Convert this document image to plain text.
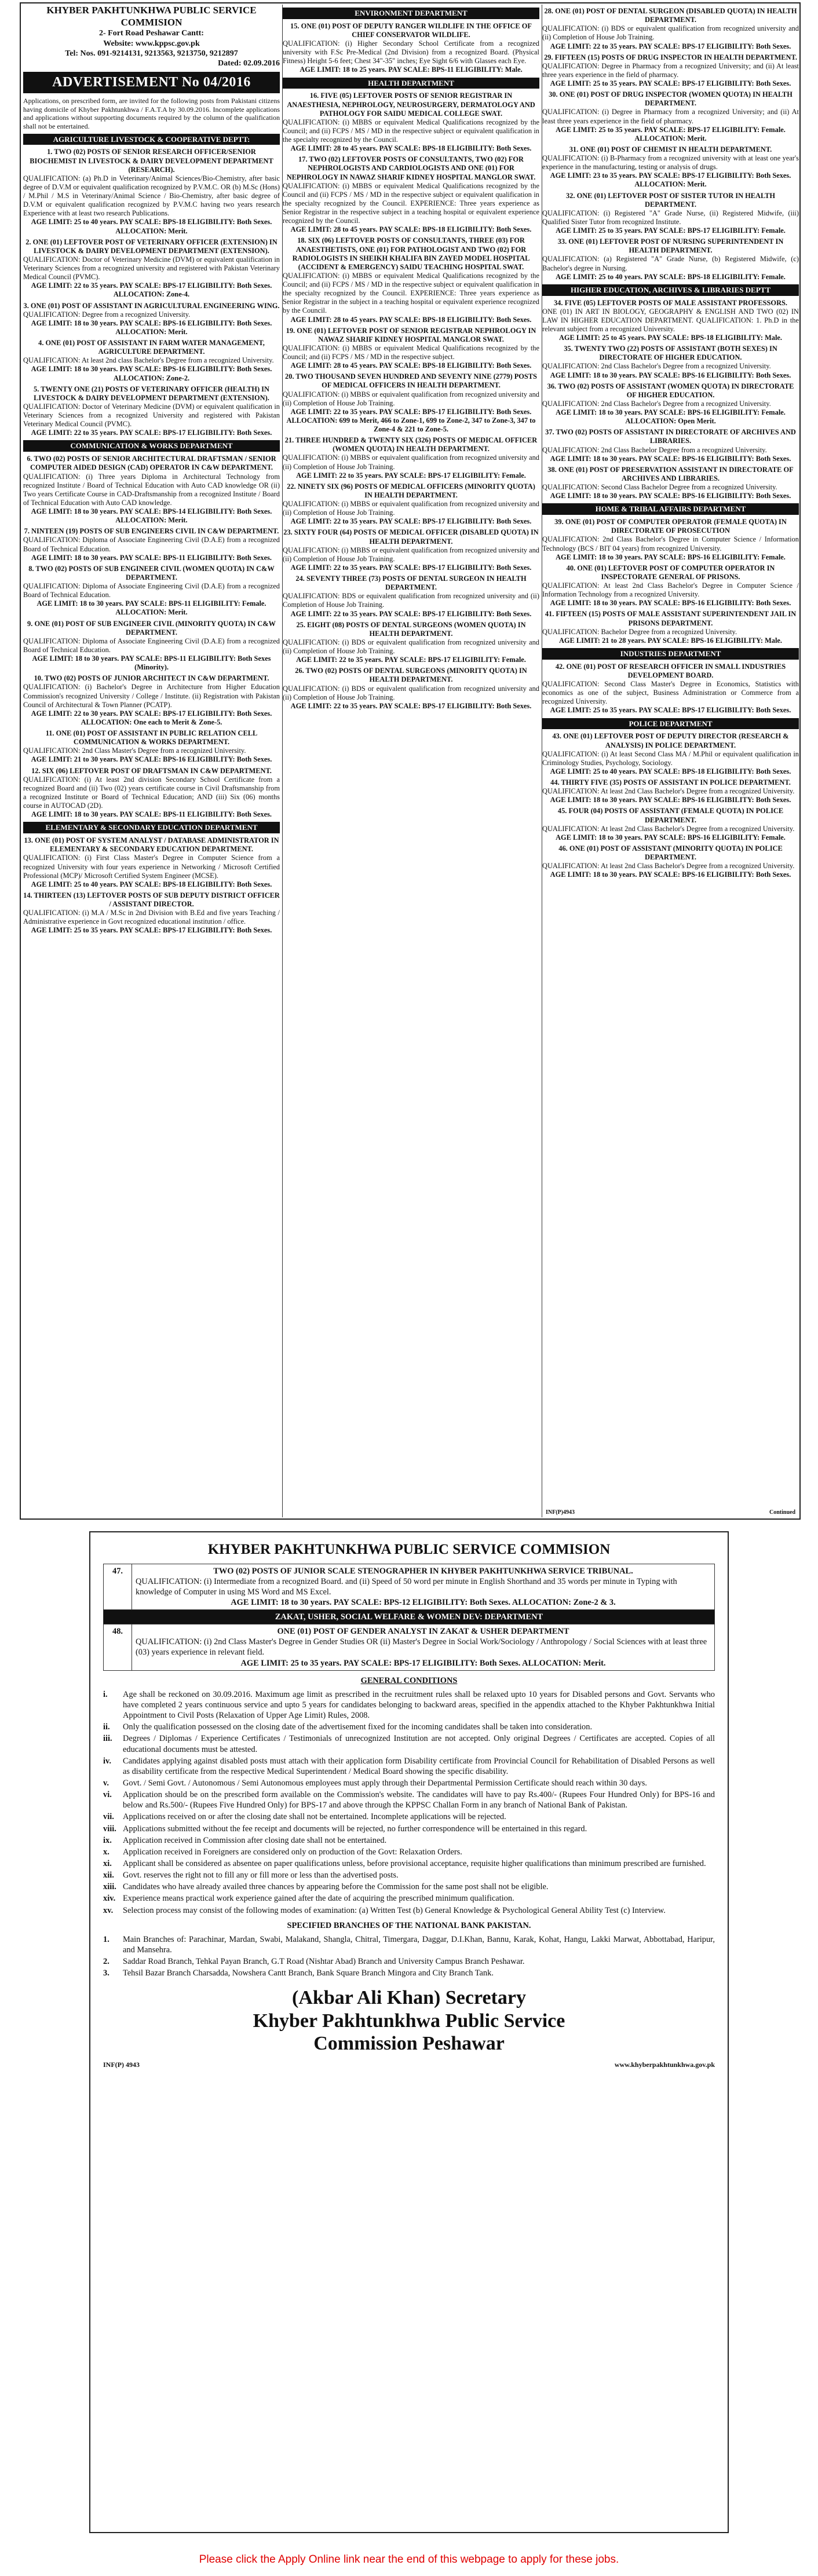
KHYBER PAKHTUNKHWA PUBLIC SERVICE COMMISION
2- Fort Road Peshawar Cantt:
Website: www.kppsc.gov.pk
Tel: Nos. 091-9214131, 9213563, 9213750, 9212897
Dated: 02.09.2016
ADVERTISEMENT No 04/2016
Applications, on prescribed form, are invited for the following posts from Pakistani citizens having domicile of Khyber Pakhtunkhwa / F.A.T.A by 30.09.2016. Incomplete applications and applications without supporting documents required by the column of the qualification shall not be entertained.
AGRICULTURE LIVESTOCK & COOPERATIVE DEPTT:
1. TWO (02) POSTS OF SENIOR RESEARCH OFFICER/SENIOR BIOCHEMIST IN LIVESTOCK & DAIRY DEVELOPMENT DEPARTMENT (RESEARCH).
QUALIFICATION: (a) Ph.D in Veterinary/Animal Sciences/Bio-Chemistry, after basic degree of D.V.M or equivalent qualification recognized by P.V.M.C. OR (b) M.Sc (Hons) / M.Phil / M.S in Veterinary/Animal Science / Bio-Chemistry, after basic degree of D.V.M or equivalent qualification recognized by P.V.M.C having two years research Experience with at least two research Publications.
AGE LIMIT: 25 to 40 years. PAY SCALE: BPS-18 ELIGIBILITY: Both Sexes. ALLOCATION: Merit.
2. ONE (01) LEFTOVER POST OF VETERINARY OFFICER (EXTENSION) IN LIVESTOCK & DAIRY DEVELOPMENT DEPARTMENT (EXTENSION).
QUALIFICATION: Doctor of Veterinary Medicine (DVM) or equivalent qualification in Veterinary Sciences from a recognized university and registered with Pakistan Veterinary Medical Council (PVMC).
AGE LIMIT: 22 to 35 years. PAY SCALE: BPS-17 ELIGIBILITY: Both Sexes. ALLOCATION: Zone-4.
3. ONE (01) POST OF ASSISTANT IN AGRICULTURAL ENGINEERING WING.
QUALIFICATION: Degree from a recognized University.
AGE LIMIT: 18 to 30 years. PAY SCALE: BPS-16 ELIGIBILITY: Both Sexes. ALLOCATION: Merit.
4. ONE (01) POST OF ASSISTANT IN FARM WATER MANAGEMENT, AGRICULTURE DEPARTMENT.
QUALIFICATION: At least 2nd class Bachelor's Degree from a recognized University.
AGE LIMIT: 18 to 30 years. PAY SCALE: BPS-16 ELIGIBILITY: Both Sexes. ALLOCATION: Zone-2.
5. TWENTY ONE (21) POSTS OF VETERINARY OFFICER (HEALTH) IN LIVESTOCK & DAIRY DEVELOPMENT DEPARTMENT (EXTENSION).
QUALIFICATION: Doctor of Veterinary Medicine (DVM) or equivalent qualification in Veterinary Sciences from a recognized University and registered with Pakistan Veterinary Medical Council (PVMC).
AGE LIMIT: 22 to 35 years. PAY SCALE: BPS-17 ELIGIBILITY: Both Sexes.
COMMUNICATION & WORKS DEPARTMENT
6. TWO (02) POSTS OF SENIOR ARCHITECTURAL DRAFTSMAN / SENIOR COMPUTER AIDED DESIGN (CAD) OPERATOR IN C&W DEPARTMENT.
QUALIFICATION: (i) Three years Diploma in Architectural Technology from recognized Institute / Board of Technical Education with Auto CAD knowledge OR (ii) Two years Certificate Course in CAD-Draftsmanship from a recognized Institute / Board of Technical Education with Auto CAD knowledge.
AGE LIMIT: 18 to 30 years. PAY SCALE: BPS-14 ELIGIBILITY: Both Sexes. ALLOCATION: Merit.
7. NINTEEN (19) POSTS OF SUB ENGINEERS CIVIL IN C&W DEPARTMENT.
QUALIFICATION: Diploma of Associate Engineering Civil (D.A.E) from a recognized Board of Technical Education.
AGE LIMIT: 18 to 30 years. PAY SCALE: BPS-11 ELIGIBILITY: Both Sexes.
8. TWO (02) POSTS OF SUB ENGINEER CIVIL (WOMEN QUOTA) IN C&W DEPARTMENT.
QUALIFICATION: Diploma of Associate Engineering Civil (D.A.E) from a recognized Board of Technical Education.
AGE LIMIT: 18 to 30 years. PAY SCALE: BPS-11 ELIGIBILITY: Female. ALLOCATION: Merit.
9. ONE (01) POST OF SUB ENGINEER CIVIL (MINORITY QUOTA) IN C&W DEPARTMENT.
QUALIFICATION: Diploma of Associate Engineering Civil (D.A.E) from a recognized Board of Technical Education.
AGE LIMIT: 18 to 30 years. PAY SCALE: BPS-11 ELIGIBILITY: Both Sexes (Minority).
10. TWO (02) POSTS OF JUNIOR ARCHITECT IN C&W DEPARTMENT.
QUALIFICATION: (i) Bachelor's Degree in Architecture from Higher Education Commission's recognized University / College / Institute. (ii) Registration with Pakistan Council of Architectural & Town Planner (PCATP).
AGE LIMIT: 22 to 30 years. PAY SCALE: BPS-17 ELIGIBILITY: Both Sexes. ALLOCATION: One each to Merit & Zone-5.
11. ONE (01) POST OF ASSISTANT IN PUBLIC RELATION CELL COMMUNICATION & WORKS DEPARTMENT.
QUALIFICATION: 2nd Class Master's Degree from a recognized University.
AGE LIMIT: 21 to 30 years. PAY SCALE: BPS-16 ELIGIBILITY: Both Sexes.
12. SIX (06) LEFTOVER POST OF DRAFTSMAN IN C&W DEPARTMENT.
QUALIFICATION: (i) At least 2nd division Secondary School Certificate from a recognized Board and (ii) Two (02) years certificate course in Civil Draftsmanship from a recognized Institute or Board of Technical Education; AND (iii) Six (06) months course in AUTOCAD (2D).
AGE LIMIT: 18 to 30 years. PAY SCALE: BPS-11 ELIGIBILITY: Both Sexes.
ELEMENTARY & SECONDARY EDUCATION DEPARTMENT
13. ONE (01) POST OF SYSTEM ANALYST / DATABASE ADMINISTRATOR IN ELEMENTARY & SECONDARY EDUCATION DEPARTMENT.
QUALIFICATION: (i) First Class Master's Degree in Computer Science from a recognized University with four years experience in Networking / Microsoft Certified Professional (MCP)/ Microsoft Certified System Engineer (MCSE).
AGE LIMIT: 25 to 40 years. PAY SCALE: BPS-18 ELIGIBILITY: Both Sexes.
14. THIRTEEN (13) LEFTOVER POSTS OF SUB DEPUTY DISTRICT OFFICER / ASSISTANT DIRECTOR.
QUALIFICATION: (i) M.A / M.Sc in 2nd Division with B.Ed and five years Teaching / Administrative experience in Govt recognized educational institution / office.
AGE LIMIT: 25 to 35 years. PAY SCALE: BPS-17 ELIGIBILITY: Both Sexes.
ENVIRONMENT DEPARTMENT
15. ONE (01) POST OF DEPUTY RANGER WILDLIFE IN THE OFFICE OF CHIEF CONSERVATOR WILDLIFE.
QUALIFICATION: (i) Higher Secondary School Certificate from a recognized university with F.Sc Pre-Medical (2nd Division) from a recognized Board. (Physical Fitness) Height 5-6 feet; Chest 34"-35" inches; Eye Sight 6/6 with Glasses each Eye.
AGE LIMIT: 18 to 25 years. PAY SCALE: BPS-11 ELIGIBILITY: Male.
HEALTH DEPARTMENT
16. FIVE (05) LEFTOVER POSTS OF SENIOR REGISTRAR IN ANAESTHESIA, NEPHROLOGY, NEUROSURGERY, DERMATOLOGY AND PATHOLOGY FOR SAIDU MEDICAL COLLEGE SWAT.
QUALIFICATION: (i) MBBS or equivalent Medical Qualifications recognized by the Council; and (ii) FCPS / MS / MD in the respective subject or equivalent qualification in the specialty recognized by the Council.
AGE LIMIT: 28 to 45 years. PAY SCALE: BPS-18 ELIGIBILITY: Both Sexes.
17. TWO (02) LEFTOVER POSTS OF CONSULTANTS, TWO (02) FOR NEPHROLOGISTS AND CARDIOLOGISTS AND ONE (01) FOR NEPHROLOGY IN NAWAZ SHARIF KIDNEY HOSPITAL MANGLOR SWAT.
QUALIFICATION: (i) MBBS or equivalent Medical Qualifications recognized by the Council and (ii) FCPS / MS / MD in the respective subject or equivalent qualification in the specialty recognized by the Council. EXPERIENCE: Three years experience as Senior Registrar in the respective subject in a teaching hospital or equivalent experience recognized by the Council.
AGE LIMIT: 28 to 45 years. PAY SCALE: BPS-18 ELIGIBILITY: Both Sexes.
18. SIX (06) LEFTOVER POSTS OF CONSULTANTS, THREE (03) FOR ANAESTHETISTS, ONE (01) FOR PATHOLOGIST AND TWO (02) FOR RADIOLOGISTS IN SHEIKH KHALIFA BIN ZAYED MODEL HOSPITAL (ACCIDENT & EMERGENCY) SAIDU TEACHING HOSPITAL SWAT.
QUALIFICATION: (i) MBBS or equivalent Medical Qualifications recognized by the Council; and (ii) FCPS / MS / MD in the respective subject or equivalent qualification in the specialty recognized by the Council. EXPERIENCE: Three years experience as Senior Registrar in the subject in a teaching hospital or equivalent experience recognized by the Council.
AGE LIMIT: 28 to 45 years. PAY SCALE: BPS-18 ELIGIBILITY: Both Sexes.
19. ONE (01) LEFTOVER POST OF SENIOR REGISTRAR NEPHROLOGY IN NAWAZ SHARIF KIDNEY HOSPITAL MANGLOR SWAT.
QUALIFICATION: (i) MBBS or equivalent Medical Qualifications recognized by the Council; and (ii) FCPS / MS / MD in the respective subject.
AGE LIMIT: 28 to 45 years. PAY SCALE: BPS-18 ELIGIBILITY: Both Sexes.
20. TWO THOUSAND SEVEN HUNDRED AND SEVENTY NINE (2779) POSTS OF MEDICAL OFFICERS IN HEALTH DEPARTMENT.
QUALIFICATION: (i) MBBS or equivalent qualification from recognized university and (ii) Completion of House Job Training.
AGE LIMIT: 22 to 35 years. PAY SCALE: BPS-17 ELIGIBILITY: Both Sexes. ALLOCATION: 699 to Merit, 466 to Zone-1, 699 to Zone-2, 347 to Zone-3, 347 to Zone-4 & 221 to Zone-5.
21. THREE HUNDRED & TWENTY SIX (326) POSTS OF MEDICAL OFFICER (WOMEN QUOTA) IN HEALTH DEPARTMENT.
QUALIFICATION: (i) MBBS or equivalent qualification from recognized university and (ii) Completion of House Job Training.
AGE LIMIT: 22 to 35 years. PAY SCALE: BPS-17 ELIGIBILITY: Female.
22. NINETY SIX (96) POSTS OF MEDICAL OFFICERS (MINORITY QUOTA) IN HEALTH DEPARTMENT.
QUALIFICATION: (i) MBBS or equivalent qualification from recognized university and (ii) Completion of House Job Training.
AGE LIMIT: 22 to 35 years. PAY SCALE: BPS-17 ELIGIBILITY: Both Sexes.
23. SIXTY FOUR (64) POSTS OF MEDICAL OFFICER (DISABLED QUOTA) IN HEALTH DEPARTMENT.
QUALIFICATION: (i) MBBS or equivalent qualification from recognized university and (ii) Completion of House Job Training.
AGE LIMIT: 22 to 35 years. PAY SCALE: BPS-17 ELIGIBILITY: Both Sexes.
24. SEVENTY THREE (73) POSTS OF DENTAL SURGEON IN HEALTH DEPARTMENT.
QUALIFICATION: BDS or equivalent qualification from recognized university and (ii) Completion of House Job Training.
AGE LIMIT: 22 to 35 years. PAY SCALE: BPS-17 ELIGIBILITY: Both Sexes.
25. EIGHT (08) POSTS OF DENTAL SURGEONS (WOMEN QUOTA) IN HEALTH DEPARTMENT.
QUALIFICATION: (i) BDS or equivalent qualification from recognized university and (ii) Completion of House Job Training.
AGE LIMIT: 22 to 35 years. PAY SCALE: BPS-17 ELIGIBILITY: Female.
26. TWO (02) POSTS OF DENTAL SURGEONS (MINORITY QUOTA) IN HEALTH DEPARTMENT.
QUALIFICATION: (i) BDS or equivalent qualification from recognized university and (ii) Completion of House Job Training.
AGE LIMIT: 22 to 35 years. PAY SCALE: BPS-17 ELIGIBILITY: Both Sexes.
28. ONE (01) POST OF DENTAL SURGEON (DISABLED QUOTA) IN HEALTH DEPARTMENT.
QUALIFICATION: (i) BDS or equivalent qualification from recognized university and (ii) Completion of House Job Training.
AGE LIMIT: 22 to 35 years. PAY SCALE: BPS-17 ELIGIBILITY: Both Sexes.
29. FIFTEEN (15) POSTS OF DRUG INSPECTOR IN HEALTH DEPARTMENT.
QUALIFICATION: Degree in Pharmacy from a recognized University; and (ii) At least three years experience in the field of pharmacy.
AGE LIMIT: 25 to 35 years. PAY SCALE: BPS-17 ELIGIBILITY: Both Sexes.
30. ONE (01) POST OF DRUG INSPECTOR (WOMEN QUOTA) IN HEALTH DEPARTMENT.
QUALIFICATION: (i) Degree in Pharmacy from a recognized University; and (ii) At least three years experience in the field of pharmacy.
AGE LIMIT: 25 to 35 years. PAY SCALE: BPS-17 ELIGIBILITY: Female. ALLOCATION: Merit.
31. ONE (01) POST OF CHEMIST IN HEALTH DEPARTMENT.
QUALIFICATION: (i) B-Pharmacy from a recognized university with at least one year's experience in the manufacturing, testing or analysis of drugs.
AGE LIMIT: 23 to 35 years. PAY SCALE: BPS-17 ELIGIBILITY: Both Sexes. ALLOCATION: Merit.
32. ONE (01) LEFTOVER POST OF SISTER TUTOR IN HEALTH DEPARTMENT.
QUALIFICATION: (i) Registered "A" Grade Nurse, (ii) Registered Midwife, (iii) Qualified Sister Tutor from recognized Institute.
AGE LIMIT: 25 to 35 years. PAY SCALE: BPS-17 ELIGIBILITY: Female.
33. ONE (01) LEFTOVER POST OF NURSING SUPERINTENDENT IN HEALTH DEPARTMENT.
QUALIFICATION: (a) Registered "A" Grade Nurse, (b) Registered Midwife, (c) Bachelor's degree in Nursing.
AGE LIMIT: 25 to 40 years. PAY SCALE: BPS-18 ELIGIBILITY: Female.
HIGHER EDUCATION, ARCHIVES & LIBRARIES DEPTT
34. FIVE (05) LEFTOVER POSTS OF MALE ASSISTANT PROFESSORS.
ONE (01) IN ART IN BIOLOGY, GEOGRAPHY & ENGLISH AND TWO (02) IN LAW IN HIGHER EDUCATION DEPARTMENT. QUALIFICATION: 1. Ph.D in the relevant subject from a recognized University.
AGE LIMIT: 25 to 45 years. PAY SCALE: BPS-18 ELIGIBILITY: Male.
35. TWENTY TWO (22) POSTS OF ASSISTANT (BOTH SEXES) IN DIRECTORATE OF HIGHER EDUCATION.
QUALIFICATION: 2nd Class Bachelor's Degree from a recognized University.
AGE LIMIT: 18 to 30 years. PAY SCALE: BPS-16 ELIGIBILITY: Both Sexes.
36. TWO (02) POSTS OF ASSISTANT (WOMEN QUOTA) IN DIRECTORATE OF HIGHER EDUCATION.
QUALIFICATION: 2nd Class Bachelor's Degree from a recognized University.
AGE LIMIT: 18 to 30 years. PAY SCALE: BPS-16 ELIGIBILITY: Female. ALLOCATION: Open Merit.
37. TWO (02) POSTS OF ASSISTANT IN DIRECTORATE OF ARCHIVES AND LIBRARIES.
QUALIFICATION: 2nd Class Bachelor Degree from a recognized University.
AGE LIMIT: 18 to 30 years. PAY SCALE: BPS-16 ELIGIBILITY: Both Sexes.
38. ONE (01) POST OF PRESERVATION ASSISTANT IN DIRECTORATE OF ARCHIVES AND LIBRARIES.
QUALIFICATION: Second Class Bachelor Degree from a recognized University.
AGE LIMIT: 18 to 30 years. PAY SCALE: BPS-16 ELIGIBILITY: Both Sexes.
HOME & TRIBAL AFFAIRS DEPARTMENT
39. ONE (01) POST OF COMPUTER OPERATOR (FEMALE QUOTA) IN DIRECTORATE OF PROSECUTION
QUALIFICATION: 2nd Class Bachelor's Degree in Computer Science / Information Technology (BCS / BIT 04 years) from recognized University.
AGE LIMIT: 18 to 30 years. PAY SCALE: BPS-16 ELIGIBILITY: Female.
40. ONE (01) LEFTOVER POST OF COMPUTER OPERATOR IN INSPECTORATE GENERAL OF PRISONS.
QUALIFICATION: At least 2nd Class Bachelor's Degree in Computer Science / Information Technology from a recognized University.
AGE LIMIT: 18 to 30 years. PAY SCALE: BPS-16 ELIGIBILITY: Both Sexes.
41. FIFTEEN (15) POSTS OF MALE ASSISTANT SUPERINTENDENT JAIL IN PRISONS DEPARTMENT.
QUALIFICATION: Bachelor Degree from a recognized University.
AGE LIMIT: 21 to 28 years. PAY SCALE: BPS-16 ELIGIBILITY: Male.
INDUSTRIES DEPARTMENT
42. ONE (01) POST OF RESEARCH OFFICER IN SMALL INDUSTRIES DEVELOPMENT BOARD.
QUALIFICATION: Second Class Master's Degree in Economics, Statistics with economics as one of the subject, Business Administration or Commerce from a recognized University.
AGE LIMIT: 25 to 35 years. PAY SCALE: BPS-17 ELIGIBILITY: Both Sexes.
POLICE DEPARTMENT
43. ONE (01) LEFTOVER POST OF DEPUTY DIRECTOR (RESEARCH & ANALYSIS) IN POLICE DEPARTMENT.
QUALIFICATION: (i) At least Second Class MA / M.Phil or equivalent qualification in Criminology Studies, Psychology, Sociology.
AGE LIMIT: 25 to 40 years. PAY SCALE: BPS-18 ELIGIBILITY: Both Sexes.
44. THIRTY FIVE (35) POSTS OF ASSISTANT IN POLICE DEPARTMENT.
QUALIFICATION: At least 2nd Class Bachelor's Degree from a recognized University.
AGE LIMIT: 18 to 30 years. PAY SCALE: BPS-16 ELIGIBILITY: Both Sexes.
45. FOUR (04) POSTS OF ASSISTANT (FEMALE QUOTA) IN POLICE DEPARTMENT.
QUALIFICATION: At least 2nd Class Bachelor's Degree from a recognized University.
AGE LIMIT: 18 to 30 years. PAY SCALE: BPS-16 ELIGIBILITY: Female.
46. ONE (01) POST OF ASSISTANT (MINORITY QUOTA) IN POLICE DEPARTMENT.
QUALIFICATION: At least 2nd Class Bachelor's Degree from a recognized University.
AGE LIMIT: 18 to 30 years. PAY SCALE: BPS-16 ELIGIBILITY: Both Sexes.
INF(P)4943	Continued
KHYBER PAKHTUNKHWA PUBLIC SERVICE COMMISION
47.	TWO (02) POSTS OF JUNIOR SCALE STENOGRAPHER IN KHYBER PAKHTUNKHWA SERVICE TRIBUNAL.
QUALIFICATION: (i) Intermediate from a recognized Board. and (ii) Speed of 50 word per minute in English Shorthand and 35 words per minute in Typing with knowledge of Computer in using MS Word and MS Excel.
AGE LIMIT: 18 to 30 years. PAY SCALE: BPS-12 ELIGIBILITY: Both Sexes. ALLOCATION: Zone-2 & 3.

ZAKAT, USHER, SOCIAL WELFARE & WOMEN DEV: DEPARTMENT	
48.	ONE (01) POST OF GENDER ANALYST IN ZAKAT & USHER DEPARTMENT
QUALIFICATION: (i) 2nd Class Master's Degree in Gender Studies OR (ii) Master's Degree in Social Work/Sociology / Anthropology / Social Sciences with at least three (03) years experience in relevant field.
AGE LIMIT: 25 to 35 years. PAY SCALE: BPS-17 ELIGIBILITY: Both Sexes. ALLOCATION: Merit.
GENERAL CONDITIONS
i.	Age shall be reckoned on 30.09.2016. Maximum age limit as prescribed in the recruitment rules shall be relaxed upto 10 years for Disabled persons and Govt. Servants who have completed 2 years continuous service and upto 5 years for candidates belonging to backward areas, specified in the appendix attached to the Khyber Pakhtunkhwa Initial Appointment to Civil Posts (Relaxation of Upper Age Limit) Rules, 2008.
ii.	Only the qualification possessed on the closing date of the advertisement fixed for the incoming candidates shall be taken into consideration.
iii.	Degrees / Diplomas / Experience Certificates / Testimonials of unrecognized Institution are not accepted. Only original Degrees / Certificates are accepted. Copies of all educational documents must be attested.
iv.	Candidates applying against disabled posts must attach with their application form Disability certificate from Provincial Council for Rehabilitation of Disabled Persons as well as disability certificate from the respective Medical Superintendent / Medical Board showing the specific disability.
v.	Govt. / Semi Govt. / Autonomous / Semi Autonomous employees must apply through their Departmental Permission Certificate should reach within 30 days.
vi.	Application should be on the prescribed form available on the Commission's website. The candidates will have to pay Rs.400/- (Rupees Four Hundred Only) for BPS-16 and below and Rs.500/- (Rupees Five Hundred Only) for BPS-17 and above through the KPPSC Challan Form in any branch of National Bank of Pakistan.
vii.	Applications received on or after the closing date shall not be entertained. Incomplete applications will be rejected.
viii. Applications submitted without the fee receipt and documents will be rejected, no further correspondence will be entertained in this regard.
ix.	Application received in Commission after closing date shall not be entertained.
x.	Application received in Foreigners are considered only on production of the Govt: Relaxation Orders.
xi.	Applicant shall be considered as absentee on paper qualifications unless, before provisional acceptance, requisite higher qualifications than minimum prescribed are furnished.
xii.	Govt. reserves the right not to fill any or fill more or less than the advertised posts.
xiii. Candidates who have already availed three chances by appearing before the Commission for the same post shall not be eligible.
xiv. Experience means practical work experience gained after the date of acquiring the prescribed minimum qualification.
xv.	Selection process may consist of the following modes of examination: (a) Written Test (b) General Knowledge & Psychological General Ability Test (c) Interview.
SPECIFIED BRANCHES OF THE NATIONAL BANK PAKISTAN.
1.	Main Branches of: Parachinar, Mardan, Swabi, Malakand, Shangla, Chitral, Timergara, Daggar, D.I.Khan, Bannu, Karak, Kohat, Hangu, Lakki Marwat, Abbottabad, Haripur, and Mansehra.
2.	Saddar Road Branch, Tehkal Payan Branch, G.T Road (Nishtar Abad) Branch and University Campus Branch Peshawar.
3.	Tehsil Bazar Branch Charsadda, Nowshera Cantt Branch, Bank Square Branch Mingora and City Branch Tank.
(Akbar Ali Khan) Secretary
Khyber Pakhtunkhwa Public Service
Commission Peshawar
INF(P) 4943	www.khyberpakhtunkhwa.gov.pk
Please click the Apply Online link near the end of this webpage to apply for these jobs.
